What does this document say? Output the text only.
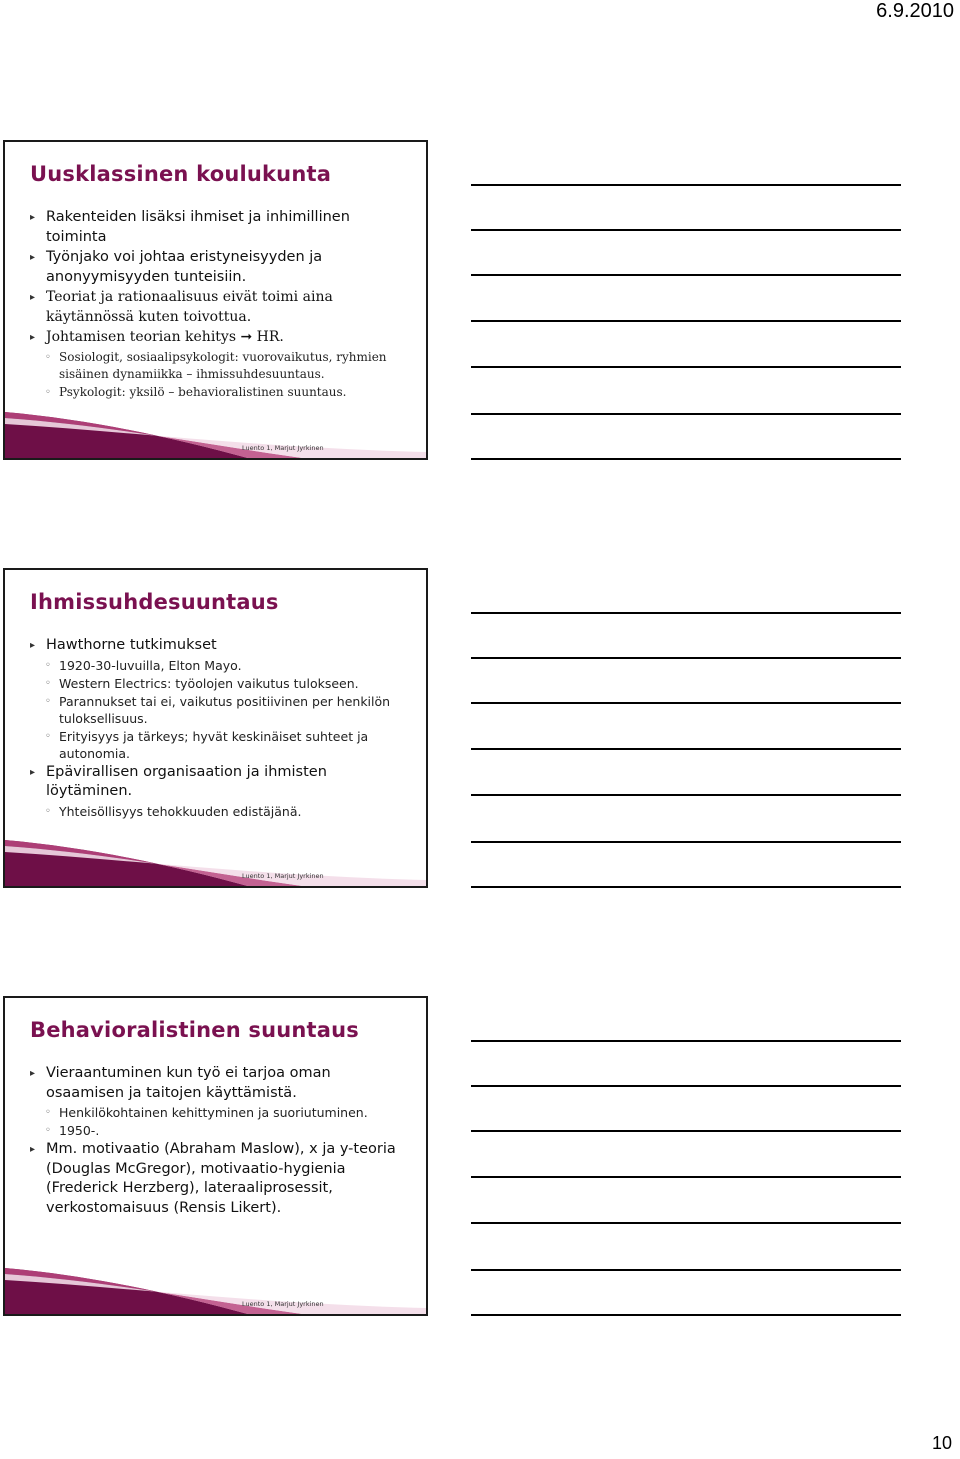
6.9.2010
Uusklassinen koulukunta
▸ Rakenteiden lisäksi ihmiset ja inhimillinen toiminta
▸ Työnjako voi johtaa eristyneisyyden ja anonyymisyyden tunteisiin.
▸ Teoriat ja rationaalisuus eivät toimi aina käytännössä kuten toivottua.
▸ Johtamisen teorian kehitys ➞ HR.
◦ Sosiologit, sosiaalipsykologit: vuorovaikutus, ryhmien sisäinen dynamiikka – ihmissuhdesuuntaus.
◦ Psykologit: yksilö – behavioralistinen suuntaus.
Luento 1, Marjut Jyrkinen
Ihmissuhdesuuntaus
▸ Hawthorne tutkimukset
◦ 1920-30-luvuilla, Elton Mayo.
◦ Western Electrics: työolojen vaikutus tulokseen.
◦ Parannukset tai ei, vaikutus positiivinen per henkilön tuloksellisuus.
◦ Erityisyys ja tärkeys; hyvät keskinäiset suhteet ja autonomia.
▸ Epävirallisen organisaation ja ihmisten löytäminen.
◦ Yhteisöllisyys tehokkuuden edistäjänä.
Luento 1, Marjut Jyrkinen
Behavioralistinen suuntaus
▸ Vieraantuminen kun työ ei tarjoa oman osaamisen ja taitojen käyttämistä.
◦ Henkilökohtainen kehittyminen ja suoriutuminen.
◦ 1950-.
▸ Mm. motivaatio (Abraham Maslow), x ja y-teoria (Douglas McGregor), motivaatio-hygienia (Frederick Herzberg), lateraaliprosessit, verkostomaisuus (Rensis Likert).
Luento 1, Marjut Jyrkinen
10
